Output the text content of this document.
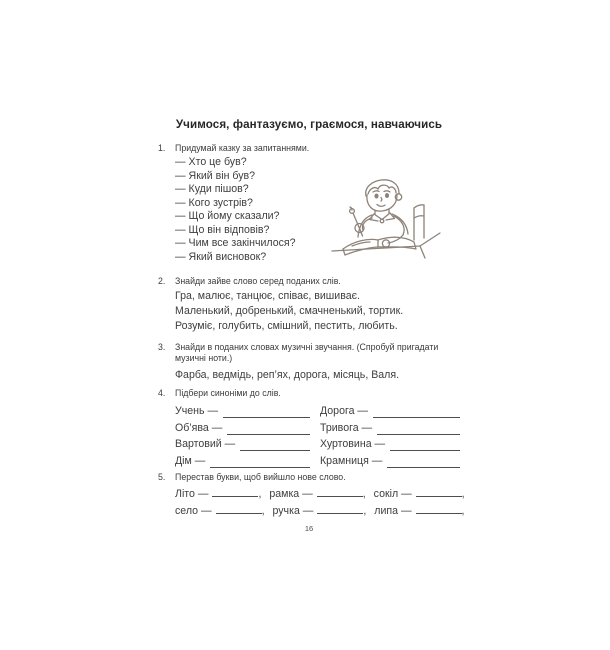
Учимося, фантазуємо, граємося, навчаючись
1.	Придумай казку за запитаннями.
— Хто це був?
— Який він був?
— Куди пішов?
— Кого зустрів?
— Що йому сказали?
— Що він відповів?
— Чим все закінчилося?
— Який висновок?
2.	Знайди зайве слово серед поданих слів.
Гра, малює, танцює, співає, вишиває.
Маленький, добренький, смачненький, тортик.
Розуміє, голубить, смішний, пестить, любить.
3.	Знайди в поданих словах музичні звучання. (Спробуй пригадати музичні ноти.)
Фарба, ведмідь, реп’ях, дорога, місяць, Валя.
4.	Підбери синоніми до слів.
Учень —	Дорога —
Об’ява —	Тривога —
Вартовий —	Хуртовина —
Дім —	Крамниця —
5.	Перестав букви, щоб вийшло нове слово.
Літо —	, рамка —	, сокіл —	,
село —	, ручка —	, липа —	,
16
